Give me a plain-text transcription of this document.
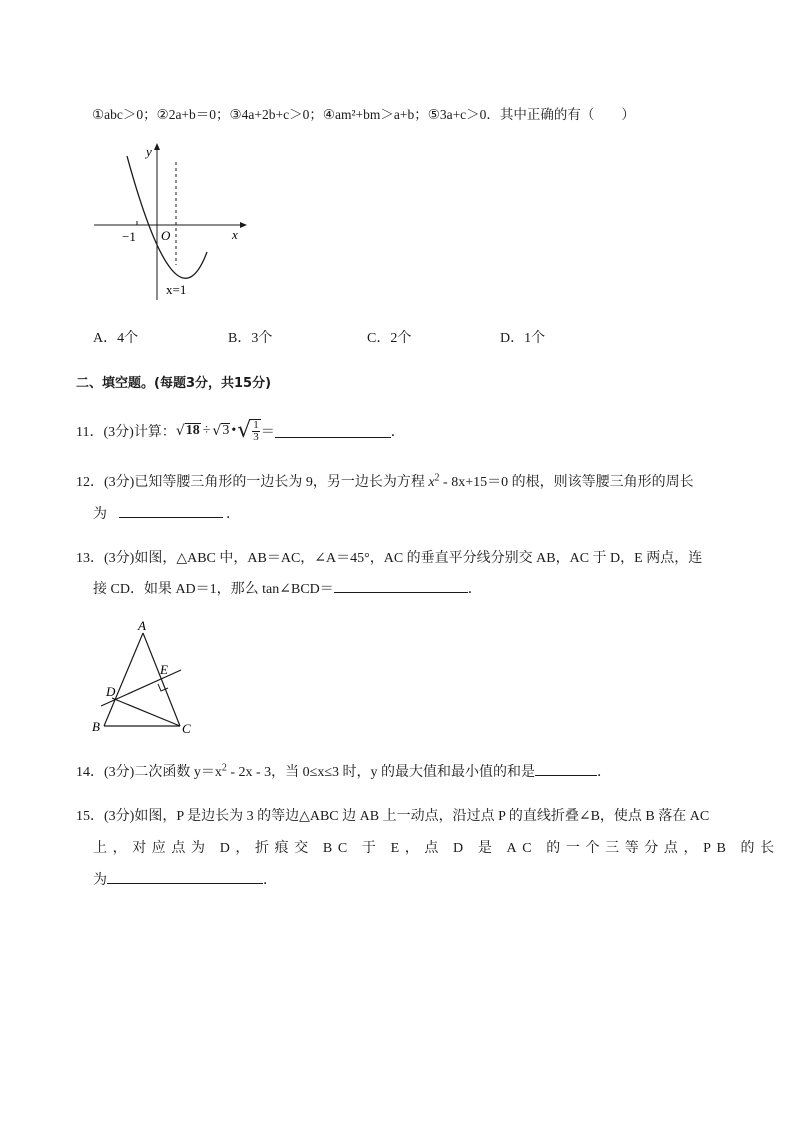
①abc＞0；②2a+b＝0；③4a+2b+c＞0；④am²+bm＞a+b；⑤3a+c＞0．其中正确的有（　　）
y
x
O
−1
x=1
A．4个	B．3个	C．2个	D．1个
二、填空题。(每题3分，共15分)
11． (3分) 计算： √ 18 ÷ √ 3 • √ $\frac{1}{3}$ ＝	．
12．(3分)已知等腰三角形的一边长为 9，另一边长为方程 $x^2 - 8x+15=0$ 的根，则该等腰三角形的周长
为	．
13．(3分)如图，△ABC 中，AB＝AC，∠A＝45°，AC 的垂直平分线分别交 AB，AC 于 D，E 两点，连
接 CD．如果 AD＝1，那么 tan∠BCD＝	．
A
B	C
D
E
14．(3分)二次函数 $y=x^2 - 2x - 3$，当 0≤x≤3 时，y 的最大值和最小值的和是	．
15．(3分)如图，P 是边长为 3 的等边△ABC 边 AB 上一动点，沿过点 P 的直线折叠∠B，使点 B 落在 AC
上，对应点为 D，折痕交 BC 于 E，点 D 是 AC 的一个三等分点，PB 的长
为	．
